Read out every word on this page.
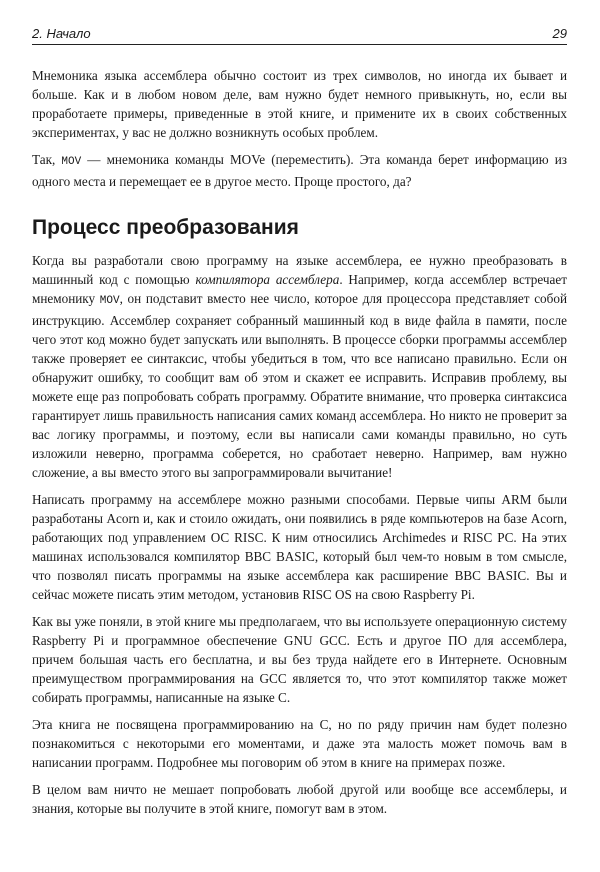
2. Начало	29

Мнемоника языка ассемблера обычно состоит из трех символов, но иногда их бывает и больше. Как и в любом новом деле, вам нужно будет немного привыкнуть, но, если вы проработаете примеры, приведенные в этой книге, и примените их в своих собственных экспериментах, у вас не должно возникнуть особых проблем.

Так, MOV — мнемоника команды MOVe (переместить). Эта команда берет информацию из одного места и перемещает ее в другое место. Проще простого, да?

Процесс преобразования

Когда вы разработали свою программу на языке ассемблера, ее нужно преобразовать в машинный код с помощью компилятора ассемблера. Например, когда ассемблер встречает мнемонику MOV, он подставит вместо нее число, которое для процессора представляет собой инструкцию. Ассемблер сохраняет собранный машинный код в виде файла в памяти, после чего этот код можно будет запускать или выполнять. В процессе сборки программы ассемблер также проверяет ее синтаксис, чтобы убедиться в том, что все написано правильно. Если он обнаружит ошибку, то сообщит вам об этом и скажет ее исправить. Исправив проблему, вы можете еще раз попробовать собрать программу. Обратите внимание, что проверка синтаксиса гарантирует лишь правильность написания самих команд ассемблера. Но никто не проверит за вас логику программы, и поэтому, если вы написали сами команды правильно, но суть изложили неверно, программа соберется, но сработает неверно. Например, вам нужно сложение, а вы вместо этого вы запрограммировали вычитание!

Написать программу на ассемблере можно разными способами. Первые чипы ARM были разработаны Acorn и, как и стоило ожидать, они появились в ряде компьютеров на базе Acorn, работающих под управлением ОС RISC. К ним относились Archimedes и RISC PC. На этих машинах использовался компилятор BBC BASIC, который был чем-то новым в том смысле, что позволял писать программы на языке ассемблера как расширение BBC BASIC. Вы и сейчас можете писать этим методом, установив RISC OS на свою Raspberry Pi.

Как вы уже поняли, в этой книге мы предполагаем, что вы используете операционную систему Raspberry Pi и программное обеспечение GNU GCC. Есть и другое ПО для ассемблера, причем большая часть его бесплатна, и вы без труда найдете его в Интернете. Основным преимуществом программирования на GCC является то, что этот компилятор также может собирать программы, написанные на языке С.

Эта книга не посвящена программированию на С, но по ряду причин нам будет полезно познакомиться с некоторыми его моментами, и даже эта малость может помочь вам в написании программ. Подробнее мы поговорим об этом в книге на примерах позже.

В целом вам ничто не мешает попробовать любой другой или вообще все ассемблеры, и знания, которые вы получите в этой книге, помогут вам в этом.
